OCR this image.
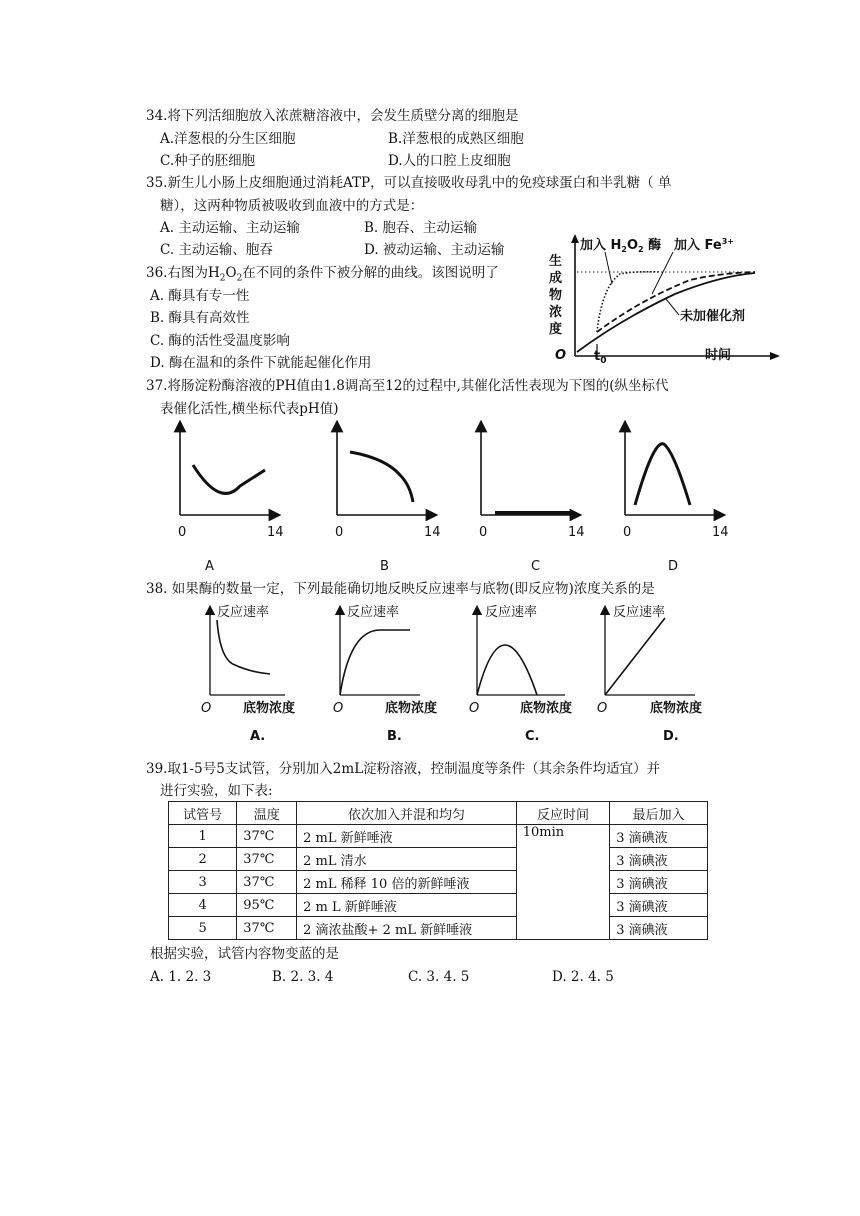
34.将下列活细胞放入浓蔗糖溶液中，会发生质壁分离的细胞是
A.洋葱根的分生区细胞	B.洋葱根的成熟区细胞
C.种子的胚细胞	D.人的口腔上皮细胞
35.新生儿小肠上皮细胞通过消耗ATP，可以直接吸收母乳中的免疫球蛋白和半乳糖（ 单
糖），这两种物质被吸收到血液中的方式是：
A. 主动运输、主动运输	B. 胞吞、主动运输
C. 主动运输、胞吞	D. 被动运输、主动运输
36.右图为$H_2O_2$在不同的条件下被分解的曲线。该图说明了
A. 酶具有专一性
B. 酶具有高效性
C. 酶的活性受温度影响
D. 酶在温和的条件下就能起催化作用
生
成
物
浓
度
O $t_0$	时间
加入 $H_2O_2$ 酶 加入 $Fe^{3+}$
未加催化剂
37.将肠淀粉酶溶液的PH值由1.8调高至12的过程中,其催化活性表现为下图的(纵坐标代
表催化活性,横坐标代表pH值)
0	14
A
0	14
B
0	14
C
0	14
D
38. 如果酶的数量一定，下列最能确切地反映反应速率与底物(即反应物)浓度关系的是
反应速率
O 底物浓度
A.
反应速率
O	底物浓度
B.
反应速率
O	底物浓度
C.
反应速率
O	底物浓度
D.
39.取1-5号5支试管，分别加入2mL淀粉溶液，控制温度等条件（其余条件均适宜）并
进行实验，如下表:
试管号	温度	依次加入并混和均匀	反应时间	最后加入
1	37℃	2 mL 新鲜唾液	10min	3 滴碘液
2	37℃	2 mL 清水		3 滴碘液
3	37℃	2 mL 稀释 10 倍的新鲜唾液		3 滴碘液
4	95℃	2 m L 新鲜唾液		3 滴碘液
5	37℃	2 滴浓盐酸+ 2 mL 新鲜唾液		3 滴碘液
根据实验，试管内容物变蓝的是
A. 1. 2. 3	B. 2. 3. 4	C. 3. 4. 5	D. 2. 4. 5
